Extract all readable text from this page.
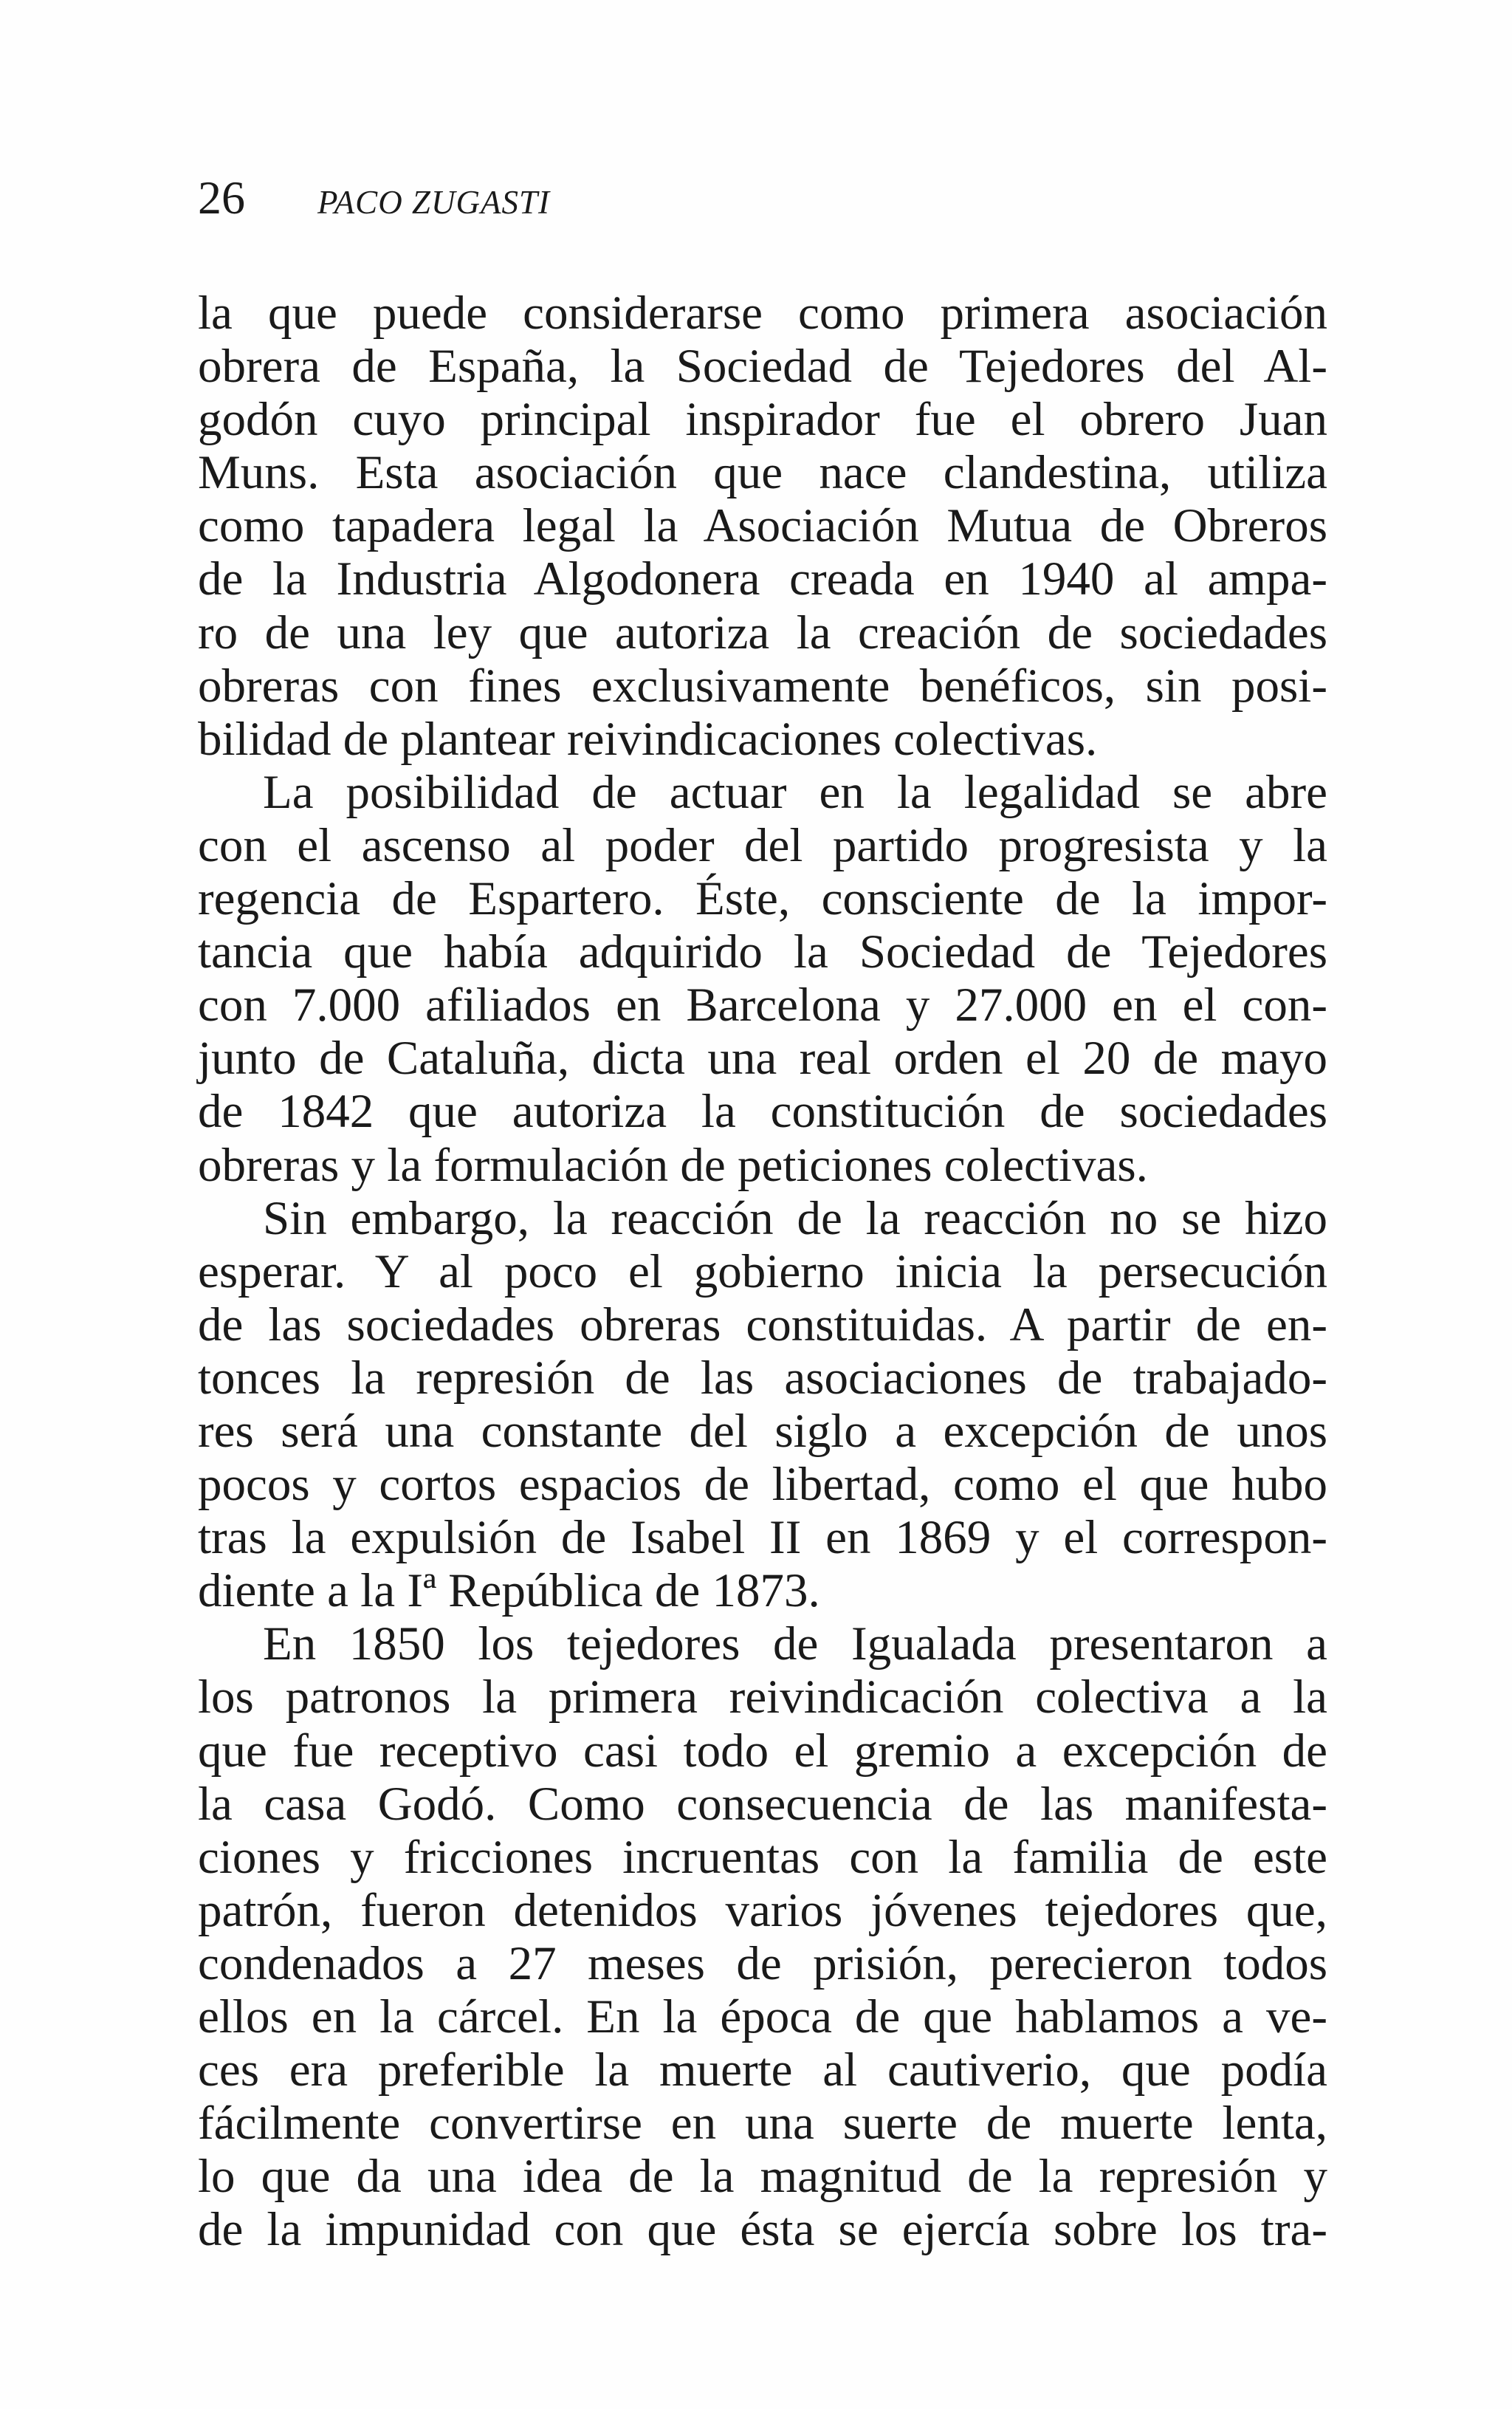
26 PACO ZUGASTI
la que puede considerarse como primera asociación
obrera de España, la Sociedad de Tejedores del Al-
godón cuyo principal inspirador fue el obrero Juan
Muns. Esta asociación que nace clandestina, utiliza
como tapadera legal la Asociación Mutua de Obreros
de la Industria Algodonera creada en 1940 al ampa-
ro de una ley que autoriza la creación de sociedades
obreras con fines exclusivamente benéficos, sin posi-
bilidad de plantear reivindicaciones colectivas.
La posibilidad de actuar en la legalidad se abre
con el ascenso al poder del partido progresista y la
regencia de Espartero. Éste, consciente de la impor-
tancia que había adquirido la Sociedad de Tejedores
con 7.000 afiliados en Barcelona y 27.000 en el con-
junto de Cataluña, dicta una real orden el 20 de mayo
de 1842 que autoriza la constitución de sociedades
obreras y la formulación de peticiones colectivas.
Sin embargo, la reacción de la reacción no se hizo
esperar. Y al poco el gobierno inicia la persecución
de las sociedades obreras constituidas. A partir de en-
tonces la represión de las asociaciones de trabajado-
res será una constante del siglo a excepción de unos
pocos y cortos espacios de libertad, como el que hubo
tras la expulsión de Isabel II en 1869 y el correspon-
diente a la Iª República de 1873.
En 1850 los tejedores de Igualada presentaron a
los patronos la primera reivindicación colectiva a la
que fue receptivo casi todo el gremio a excepción de
la casa Godó. Como consecuencia de las manifesta-
ciones y fricciones incruentas con la familia de este
patrón, fueron detenidos varios jóvenes tejedores que,
condenados a 27 meses de prisión, perecieron todos
ellos en la cárcel. En la época de que hablamos a ve-
ces era preferible la muerte al cautiverio, que podía
fácilmente convertirse en una suerte de muerte lenta,
lo que da una idea de la magnitud de la represión y
de la impunidad con que ésta se ejercía sobre los tra-
